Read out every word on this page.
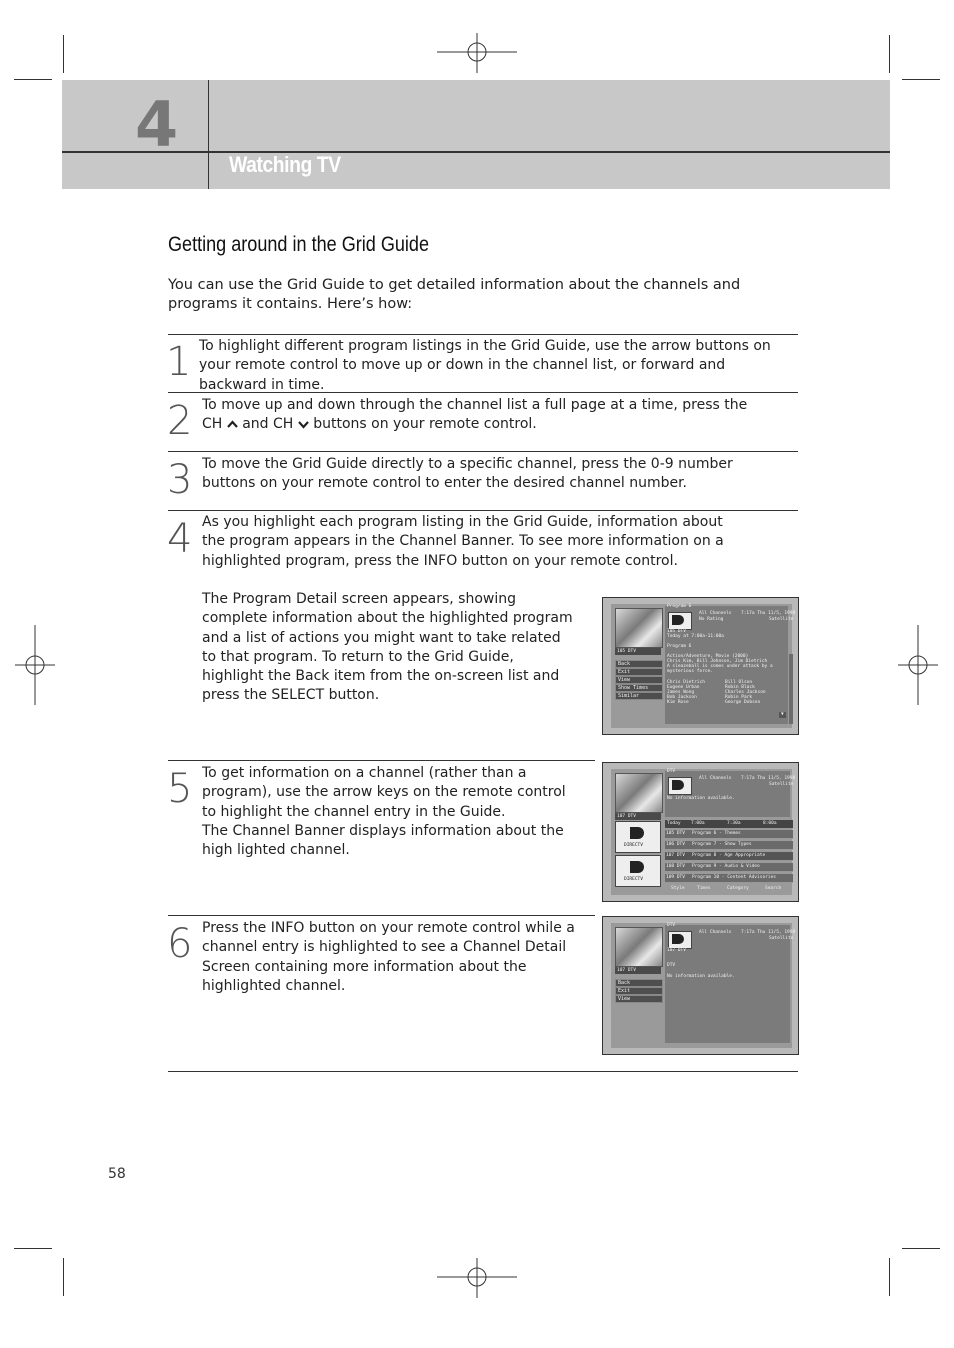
4
Watching TV
Getting around in the Grid Guide
You can use the Grid Guide to get detailed information about the channels and programs it contains. Here’s how:
1 To highlight different program listings in the Grid Guide, use the arrow buttons on your remote control to move up or down in the channel list, or forward and backward in time.
2 To move up and down through the channel list a full page at a time, press the
CH and CH buttons on your remote control.
3 To move the Grid Guide directly to a specific channel, press the 0-9 number buttons on your remote control to enter the desired channel number.
4 As you highlight each program listing in the Grid Guide, information about the program appears in the Channel Banner. To see more information on a highlighted program, press the INFO button on your remote control.
The Program Detail screen appears, showing complete information about the highlighted program and a list of actions you might want to take related to that program. To return to the Grid Guide, highlight the Back item from the on-screen list and press the SELECT button.
5 To get information on a channel (rather than a program), use the arrow keys on the remote control to highlight the channel entry in the Guide.
The Channel Banner displays information about the high lighted channel.
6 Press the INFO button on your remote control while a channel entry is highlighted to see a Channel Detail Screen containing more information about the highlighted channel.
105 DTV
Back
Exit
View
Show Times
Similar
Program 6
All Channels
No Rating
7:17a Thu 11/5, 1998
Satellite
105 DTV
Today at 7:00a-11:00a
Program 6
Action/Adventure, Movie (2000)
Chris Kim, Bill Johnson, Jim Dietrich
A sleazeball is comes under attack by a
mysterious force.
Chris Dietrich
Eugene Urban
James Wong
Bob Jackson
Kim Rose
Bill Olson
Robin Black
Charles Jackson
Robin Park
George Dobson
▼
107 DTV
DTV
All Channels 7:17a Thu 11/5, 1998
Satellite
No information available.
DIRECTV
DIRECTV
Today 7:00a	7:30a	8:00a
105 DTV Program 6 - Themes
106 DTV Program 7 - Show Types
107 DTV Program 8 - Age Appropriate
108 DTV Program 9 - Audio & Video
109 DTV Program 10 - Content Advisories
Style	Times	Category	Search
107 DTV
Back
Exit
View
DTV
All Channels 7:17a Thu 11/5, 1998
Satellite
107 DTV
DTV
No information available.
58
